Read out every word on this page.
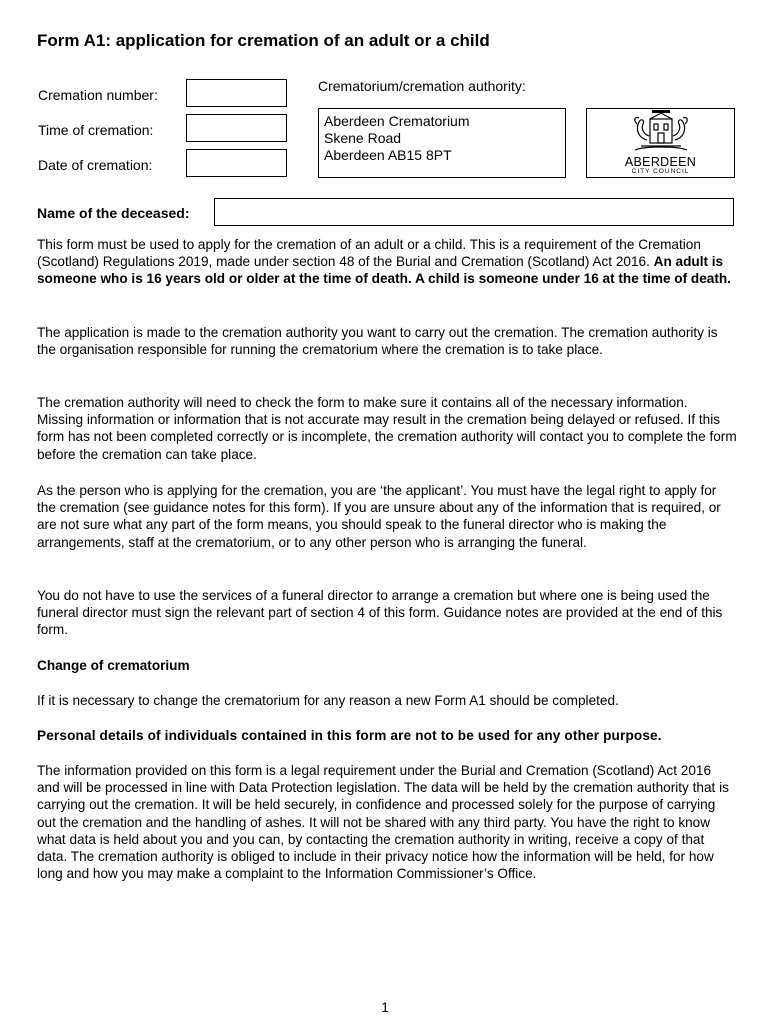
Form A1: application for cremation of an adult or a child
Cremation number:
Time of cremation:
Date of cremation:
Crematorium/cremation authority:
Aberdeen Crematorium
Skene Road
Aberdeen AB15 8PT	ABERDEEN
CITY COUNCIL
Name of the deceased:

This form must be used to apply for the cremation of an adult or a child. This is a requirement of the Cremation (Scotland) Regulations 2019, made under section 48 of the Burial and Cremation (Scotland) Act 2016. An adult is someone who is 16 years old or older at the time of death. A child is someone under 16 at the time of death.

The application is made to the cremation authority you want to carry out the cremation. The cremation authority is the organisation responsible for running the crematorium where the cremation is to take place.

The cremation authority will need to check the form to make sure it contains all of the necessary information. Missing information or information that is not accurate may result in the cremation being delayed or refused. If this form has not been completed correctly or is incomplete, the cremation authority will contact you to complete the form before the cremation can take place.

As the person who is applying for the cremation, you are ‘the applicant’. You must have the legal right to apply for the cremation (see guidance notes for this form). If you are unsure about any of the information that is required, or are not sure what any part of the form means, you should speak to the funeral director who is making the arrangements, staff at the crematorium, or to any other person who is arranging the funeral.

You do not have to use the services of a funeral director to arrange a cremation but where one is being used the funeral director must sign the relevant part of section 4 of this form. Guidance notes are provided at the end of this form.

Change of crematorium

If it is necessary to change the crematorium for any reason a new Form A1 should be completed.

Personal details of individuals contained in this form are not to be used for any other purpose.

The information provided on this form is a legal requirement under the Burial and Cremation (Scotland) Act 2016 and will be processed in line with Data Protection legislation. The data will be held by the cremation authority that is carrying out the cremation. It will be held securely, in confidence and processed solely for the purpose of carrying out the cremation and the handling of ashes. It will not be shared with any third party. You have the right to know what data is held about you and you can, by contacting the cremation authority in writing, receive a copy of that data. The cremation authority is obliged to include in their privacy notice how the information will be held, for how long and how you may make a complaint to the Information Commissioner’s Office.

1
